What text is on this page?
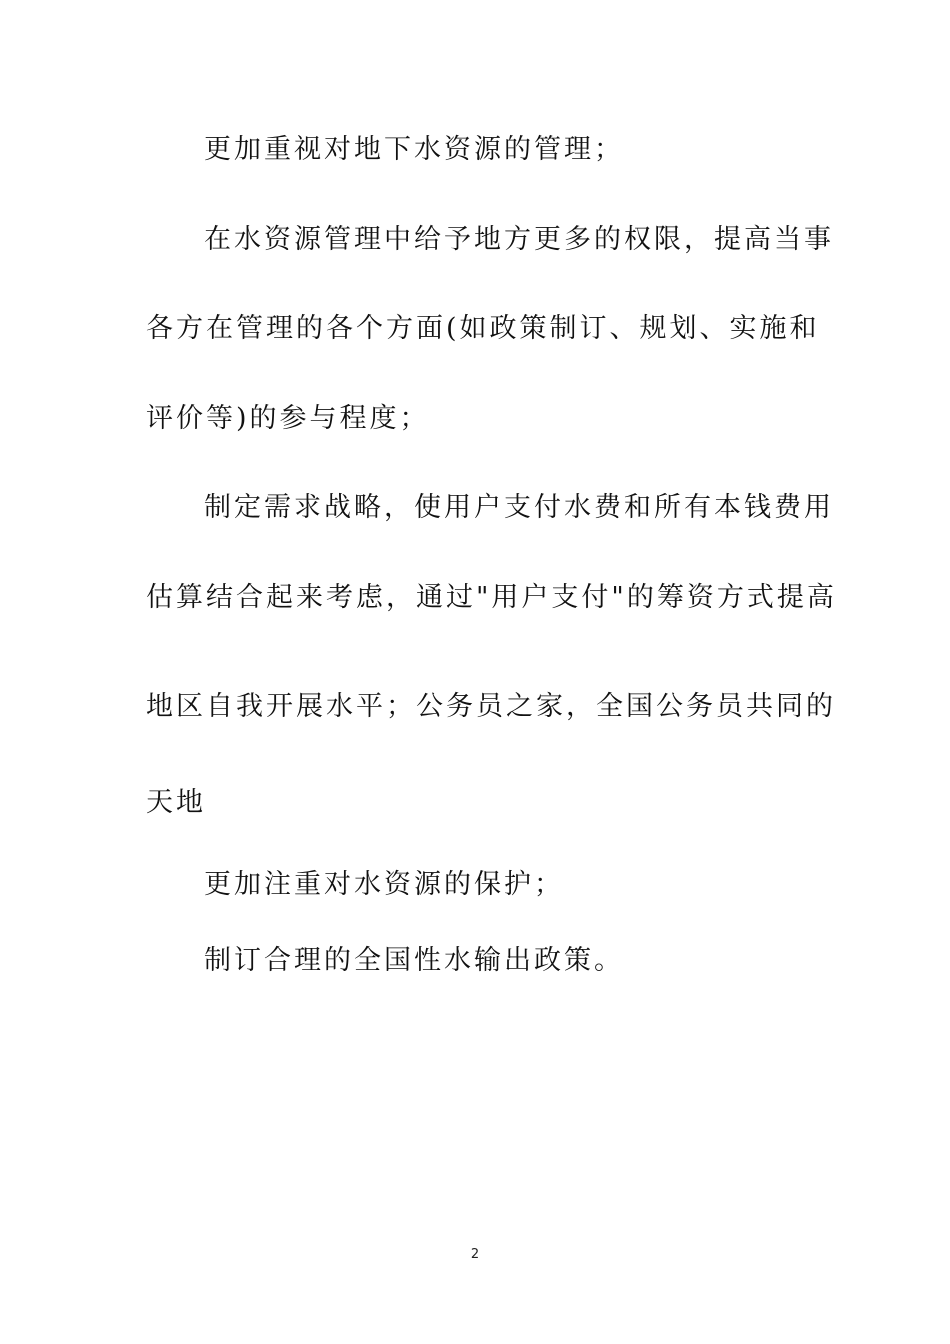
更加重视对地下水资源的管理；
在水资源管理中给予地方更多的权限，提高当事
各方在管理的各个方面(如政策制订、规划、实施和
评价等)的参与程度；
制定需求战略，使用户支付水费和所有本钱费用
估算结合起来考虑，通过"用户支付"的筹资方式提高
地区自我开展水平；公务员之家，全国公务员共同的
天地
更加注重对水资源的保护；
制订合理的全国性水输出政策。
2
